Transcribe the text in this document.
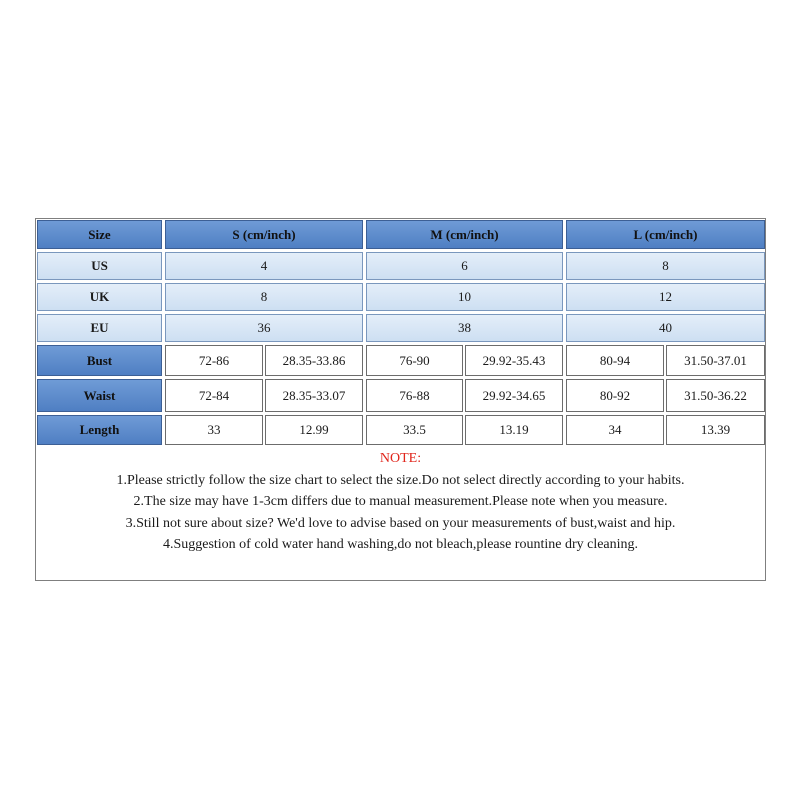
Size	S (cm/inch)	M (cm/inch)	L (cm/inch)
US	4	6	8
UK	8	10	12
EU	36	38	40
Bust	72-86	28.35-33.86	76-90	29.92-35.43	80-94	31.50-37.01
Waist	72-84	28.35-33.07	76-88	29.92-34.65	80-92	31.50-36.22
Length	33	12.99	33.5	13.19	34	13.39
NOTE:
1.Please strictly follow the size chart to select the size.Do not select directly according to your habits.
2.The size may have 1-3cm differs due to manual measurement.Please note when you measure.
3.Still not sure about size? We'd love to advise based on your measurements of bust,waist and hip.
4.Suggestion of cold water hand washing,do not bleach,please rountine dry cleaning.
